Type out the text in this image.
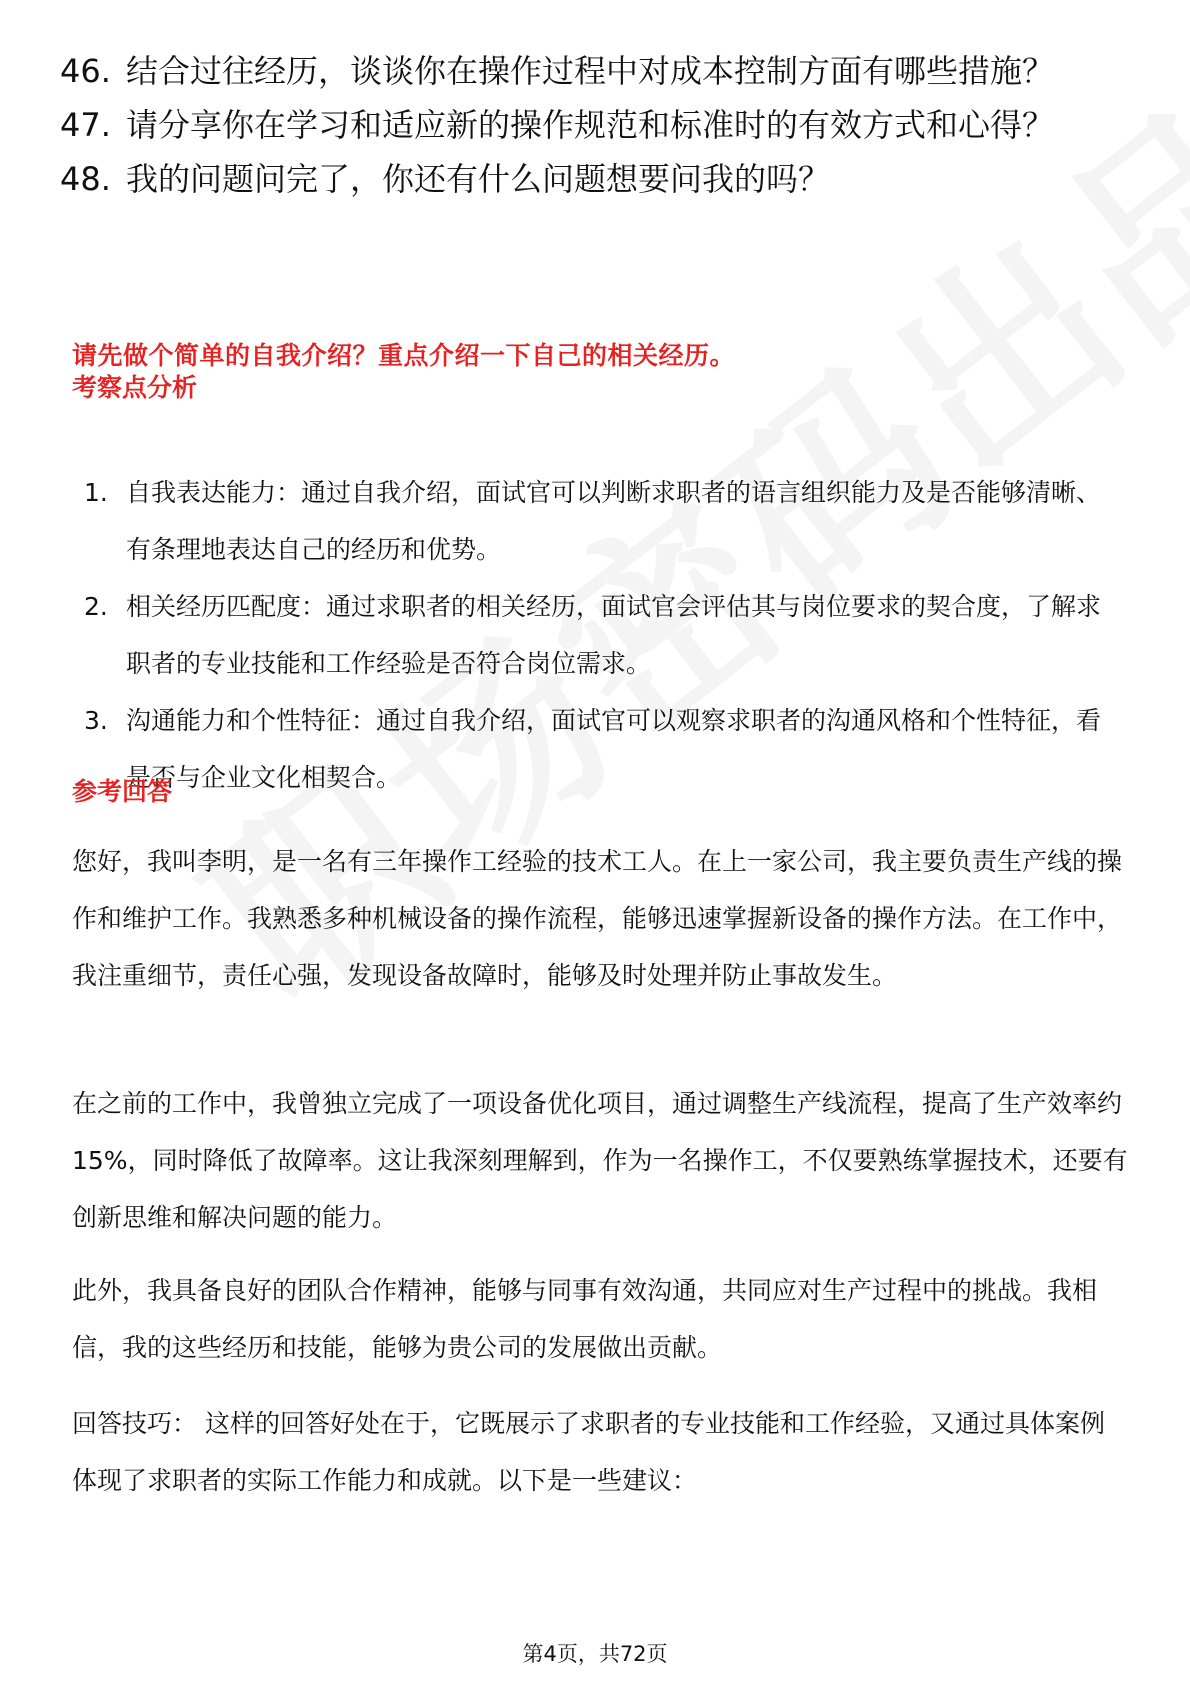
46. 结合过往经历，谈谈你在操作过程中对成本控制方面有哪些措施？
47. 请分享你在学习和适应新的操作规范和标准时的有效方式和心得？
48. 我的问题问完了，你还有什么问题想要问我的吗？
请先做个简单的自我介绍？重点介绍一下自己的相关经历。
考察点分析
1. 自我表达能力：通过自我介绍，面试官可以判断求职者的语言组织能力及是否能够清晰、有条理地表达自己的经历和优势。
2. 相关经历匹配度：通过求职者的相关经历，面试官会评估其与岗位要求的契合度，了解求职者的专业技能和工作经验是否符合岗位需求。
3. 沟通能力和个性特征：通过自我介绍，面试官可以观察求职者的沟通风格和个性特征，看是否与企业文化相契合。
参考回答

您好，我叫李明，是一名有三年操作工经验的技术工人。在上一家公司，我主要负责生产线的操作和维护工作。我熟悉多种机械设备的操作流程，能够迅速掌握新设备的操作方法。在工作中，我注重细节，责任心强，发现设备故障时，能够及时处理并防止事故发生。

在之前的工作中，我曾独立完成了一项设备优化项目，通过调整生产线流程，提高了生产效率约15%，同时降低了故障率。这让我深刻理解到，作为一名操作工，不仅要熟练掌握技术，还要有创新思维和解决问题的能力。

此外，我具备良好的团队合作精神，能够与同事有效沟通，共同应对生产过程中的挑战。我相信，我的这些经历和技能，能够为贵公司的发展做出贡献。

回答技巧： 这样的回答好处在于，它既展示了求职者的专业技能和工作经验，又通过具体案例体现了求职者的实际工作能力和成就。以下是一些建议：

第4页，共72页
